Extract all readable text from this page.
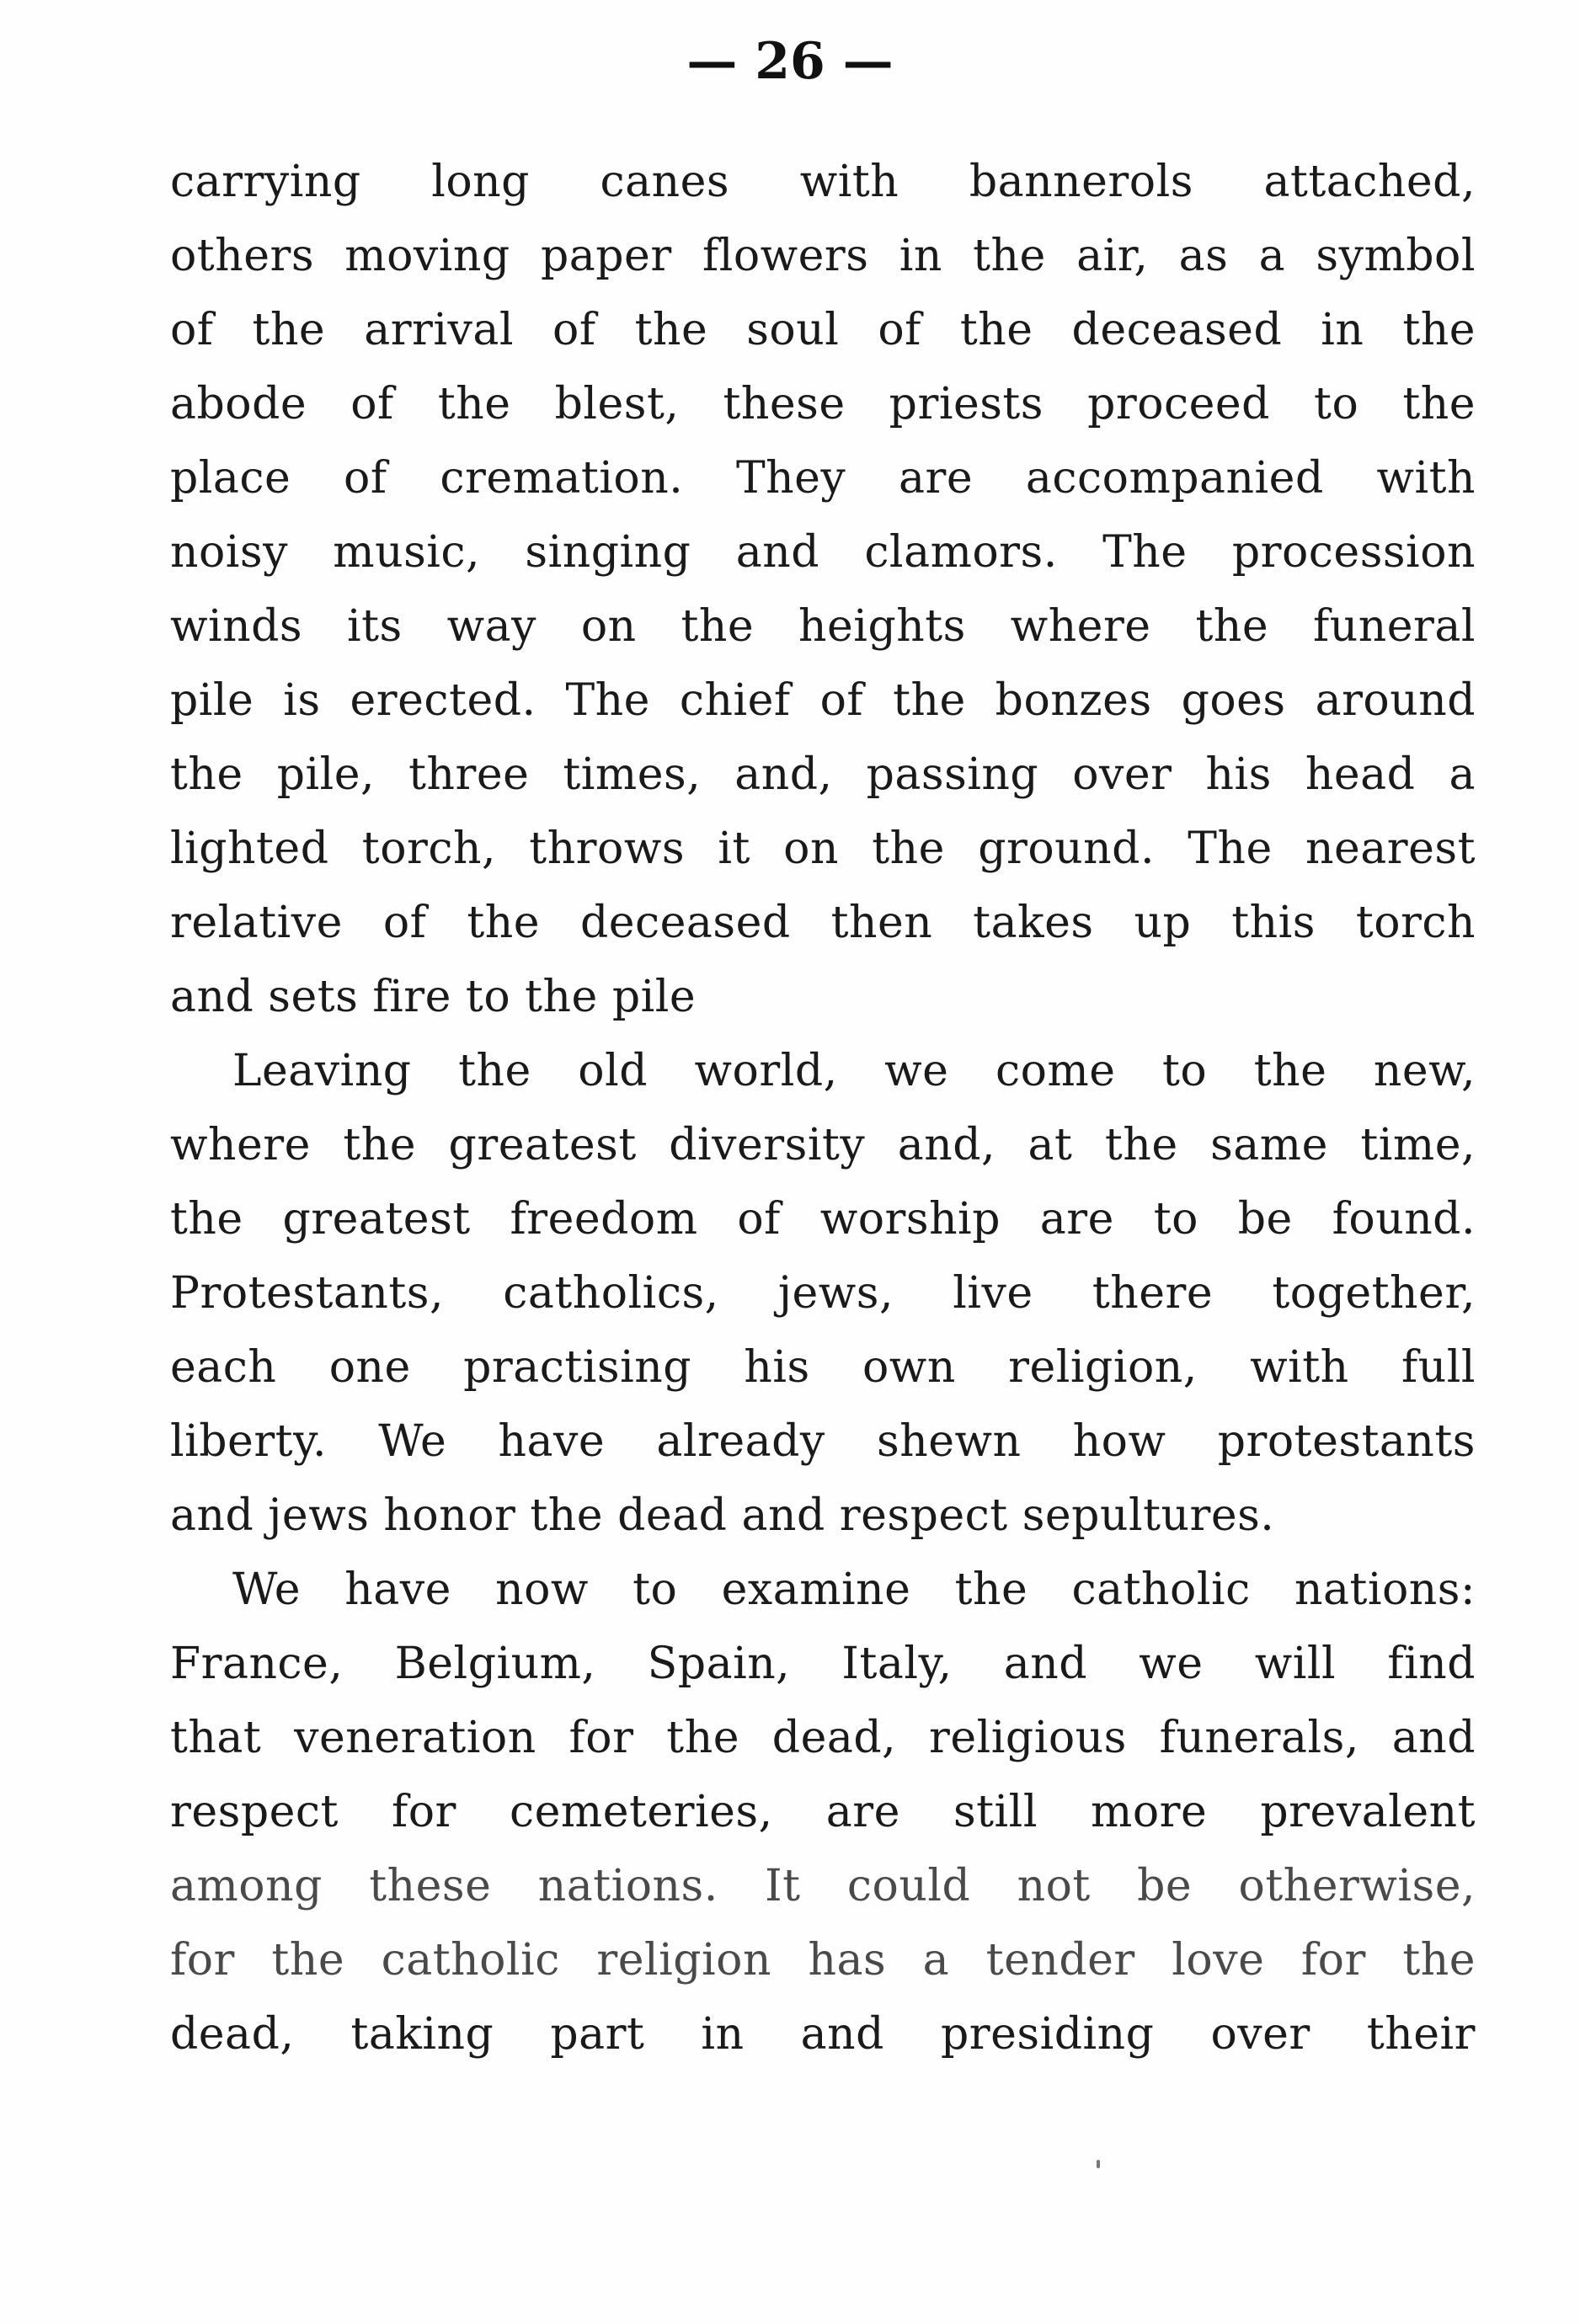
— 26 —
carrying long canes with bannerols attached,
others moving paper flowers in the air, as a symbol
of the arrival of the soul of the deceased in the
abode of the blest, these priests proceed to the
place of cremation. They are accompanied with
noisy music, singing and clamors. The procession
winds its way on the heights where the funeral
pile is erected. The chief of the bonzes goes around
the pile, three times, and, passing over his head a
lighted torch, throws it on the ground. The nearest
relative of the deceased then takes up this torch
and sets fire to the pile
Leaving the old world, we come to the new,
where the greatest diversity and, at the same time,
the greatest freedom of worship are to be found.
Protestants, catholics, jews, live there together,
each one practising his own religion, with full
liberty. We have already shewn how protestants
and jews honor the dead and respect sepultures.
We have now to examine the catholic nations:
France, Belgium, Spain, Italy, and we will find
that veneration for the dead, religious funerals, and
respect for cemeteries, are still more prevalent
among these nations. It could not be otherwise,
for the catholic religion has a tender love for the
dead, taking part in and presiding over their
